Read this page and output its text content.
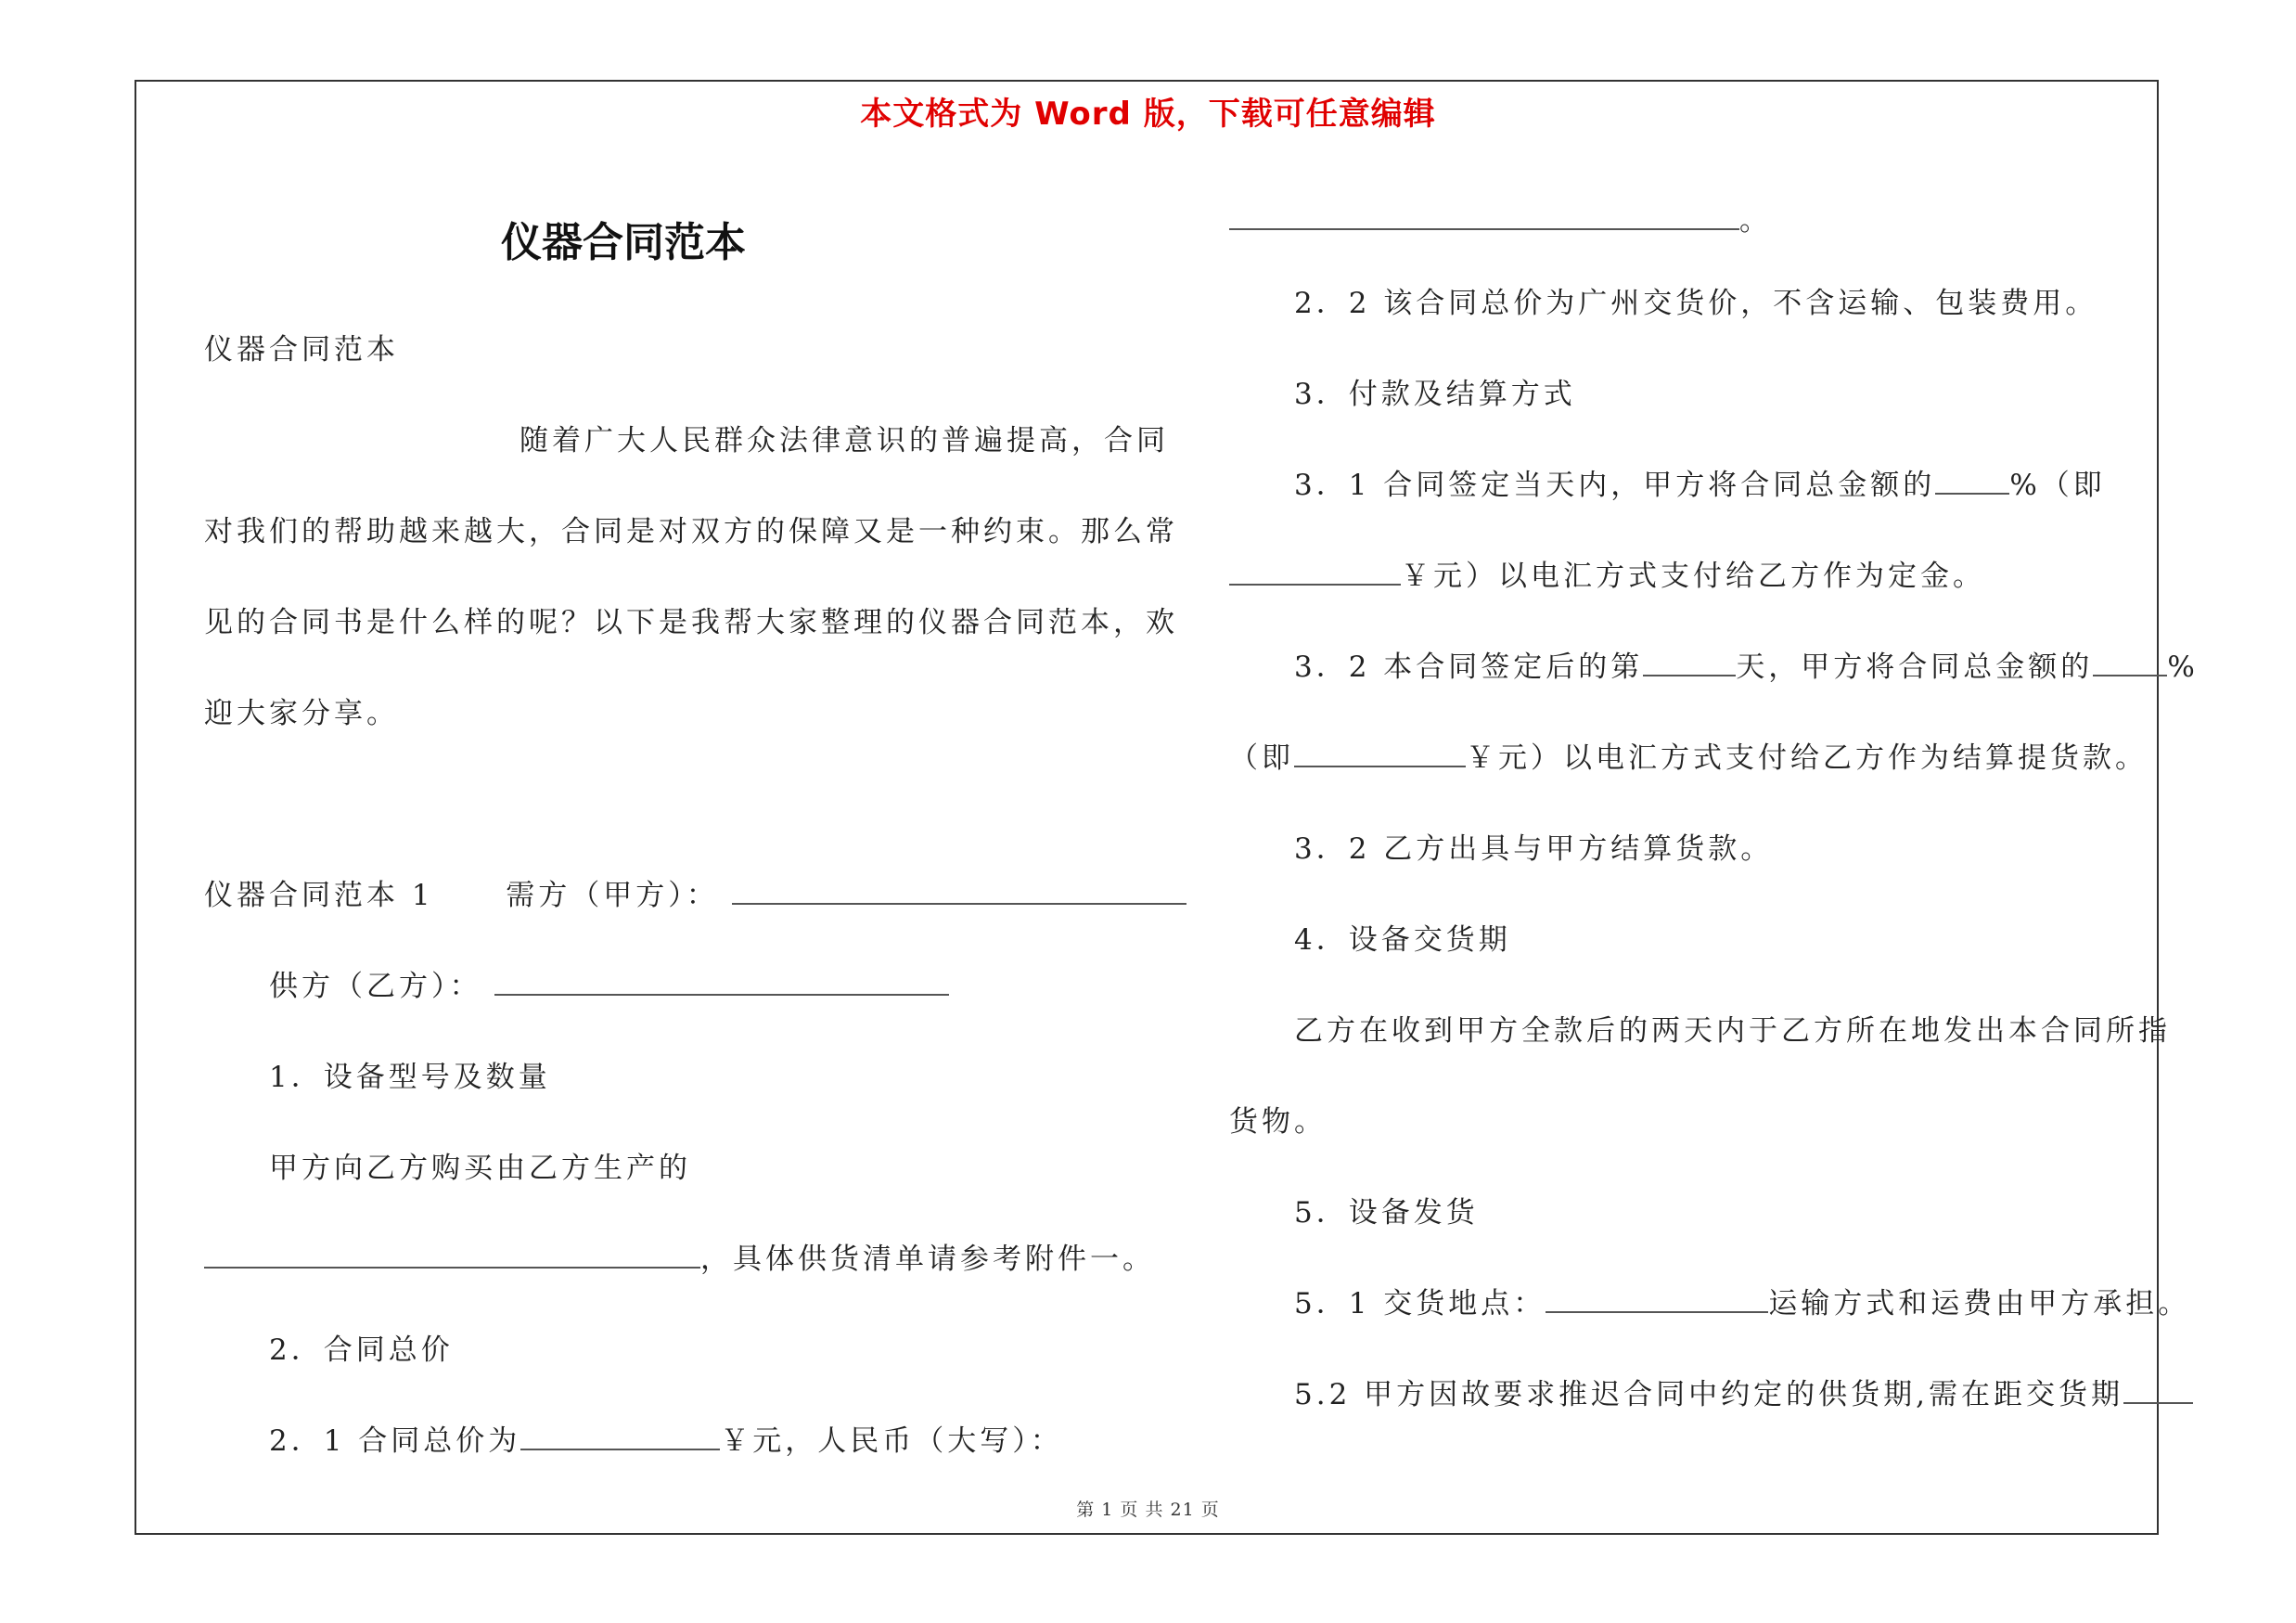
本文格式为 Word 版，下载可任意编辑
仪器合同范本
仪器合同范本
随着广大人民群众法律意识的普遍提高，合同
对我们的帮助越来越大，合同是对双方的保障又是一种约束。那么常
见的合同书是什么样的呢？以下是我帮大家整理的仪器合同范本，欢
迎大家分享。
仪器合同范本 1	需方（甲方）：
供方（乙方）：
1．设备型号及数量
甲方向乙方购买由乙方生产的
，具体供货清单请参考附件一。
2．合同总价
2．1 合同总价为	￥元，人民币（大写）：
。
2．2 该合同总价为广州交货价，不含运输、包装费用。
3．付款及结算方式
3．1 合同签定当天内，甲方将合同总金额的	%（即
￥元）以电汇方式支付给乙方作为定金。
3．2 本合同签定后的第	天，甲方将合同总金额的	%
（即	￥元）以电汇方式支付给乙方作为结算提货款。
3．2 乙方出具与甲方结算货款。
4．设备交货期
乙方在收到甲方全款后的两天内于乙方所在地发出本合同所指
货物。
5．设备发货
5．1 交货地点：	运输方式和运费由甲方承担。
5.2 甲方因故要求推迟合同中约定的供货期,需在距交货期
第 1 页 共 21 页
